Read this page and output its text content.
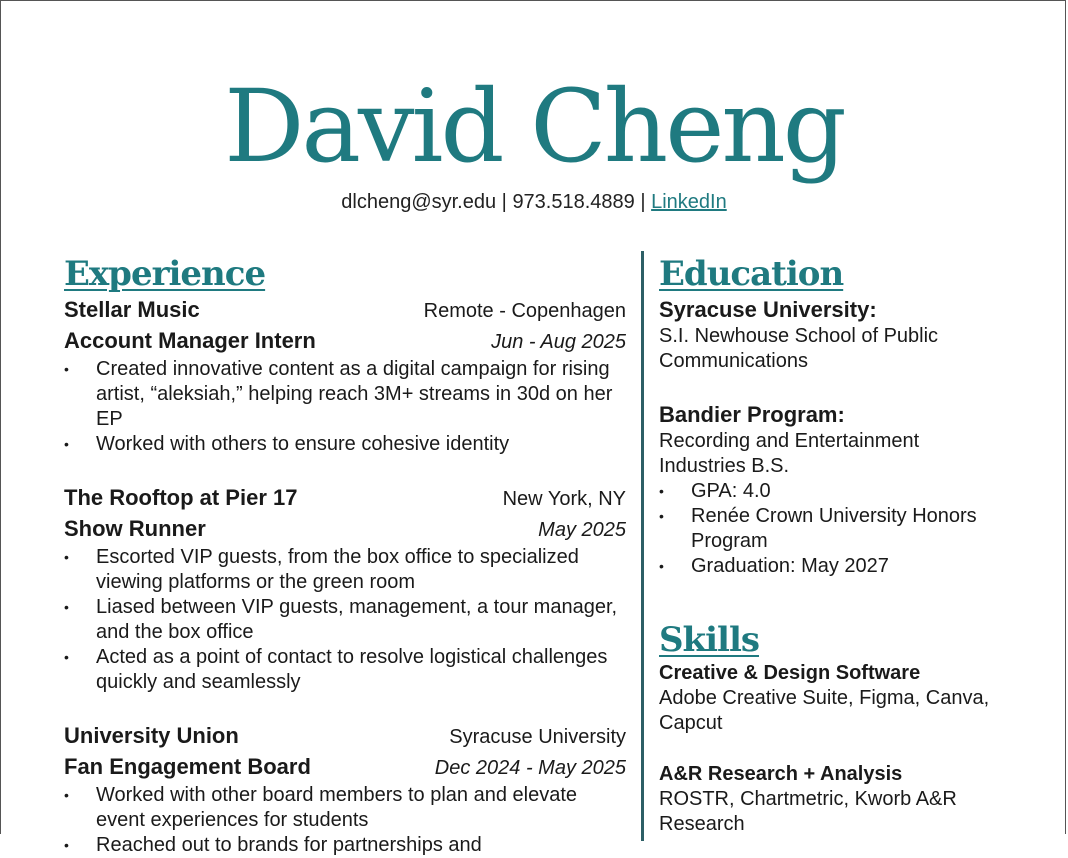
David Cheng
dlcheng@syr.edu | 973.518.4889 | LinkedIn
Experience
Stellar Music	Remote - Copenhagen
Account Manager Intern	Jun - Aug 2025
• Created innovative content as a digital campaign for rising artist, “aleksiah,” helping reach 3M+ streams in 30d on her EP
• Worked with others to ensure cohesive identity
The Rooftop at Pier 17	New York, NY
Show Runner	May 2025
• Escorted VIP guests, from the box office to specialized viewing platforms or the green room
• Liased between VIP guests, management, a tour manager, and the box office
• Acted as a point of contact to resolve logistical challenges quickly and seamlessly
University Union	Syracuse University
Fan Engagement Board	Dec 2024 - May 2025
• Worked with other board members to plan and elevate event experiences for students
• Reached out to brands for partnerships and
Education
Syracuse University:
S.I. Newhouse School of Public Communications
Bandier Program:
Recording and Entertainment Industries B.S.
• GPA: 4.0
• Renée Crown University Honors Program
• Graduation: May 2027
Skills
Creative & Design Software
Adobe Creative Suite, Figma, Canva, Capcut
A&R Research + Analysis
ROSTR, Chartmetric, Kworb A&R Research
